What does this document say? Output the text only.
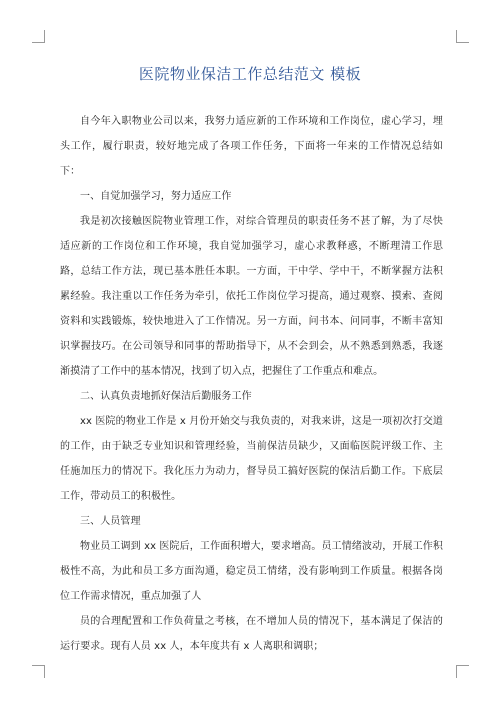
医院物业保洁工作总结范文 模板

自今年入职物业公司以来，我努力适应新的工作环境和工作岗位，虚心学习，埋头工作，履行职责，较好地完成了各项工作任务，下面将一年来的工作情况总结如下：

一、自觉加强学习，努力适应工作

我是初次接触医院物业管理工作，对综合管理员的职责任务不甚了解，为了尽快适应新的工作岗位和工作环境，我自觉加强学习，虚心求教释惑，不断理清工作思路，总结工作方法，现已基本胜任本职。一方面，干中学、学中干，不断掌握方法积累经验。我注重以工作任务为牵引，依托工作岗位学习提高，通过观察、摸索、查阅资料和实践锻炼，较快地进入了工作情况。另一方面，问书本、问同事，不断丰富知识掌握技巧。在公司领导和同事的帮助指导下，从不会到会，从不熟悉到熟悉，我逐渐摸清了工作中的基本情况，找到了切入点，把握住了工作重点和难点。

二、认真负责地抓好保洁后勤服务工作

xx 医院的物业工作是 x 月份开始交与我负责的，对我来讲，这是一项初次打交道的工作，由于缺乏专业知识和管理经验，当前保洁员缺少，又面临医院评级工作、主任施加压力的情况下。我化压力为动力，督导员工搞好医院的保洁后勤工作。下底层工作，带动员工的积极性。

三、人员管理

物业员工调到 xx 医院后，工作面积增大，要求增高。员工情绪波动，开展工作积极性不高，为此和员工多方面沟通，稳定员工情绪，没有影响到工作质量。根据各岗位工作需求情况，重点加强了人

员的合理配置和工作负荷量之考核，在不增加人员的情况下，基本满足了保洁的运行要求。现有人员 xx 人，本年度共有 x 人离职和调职；
